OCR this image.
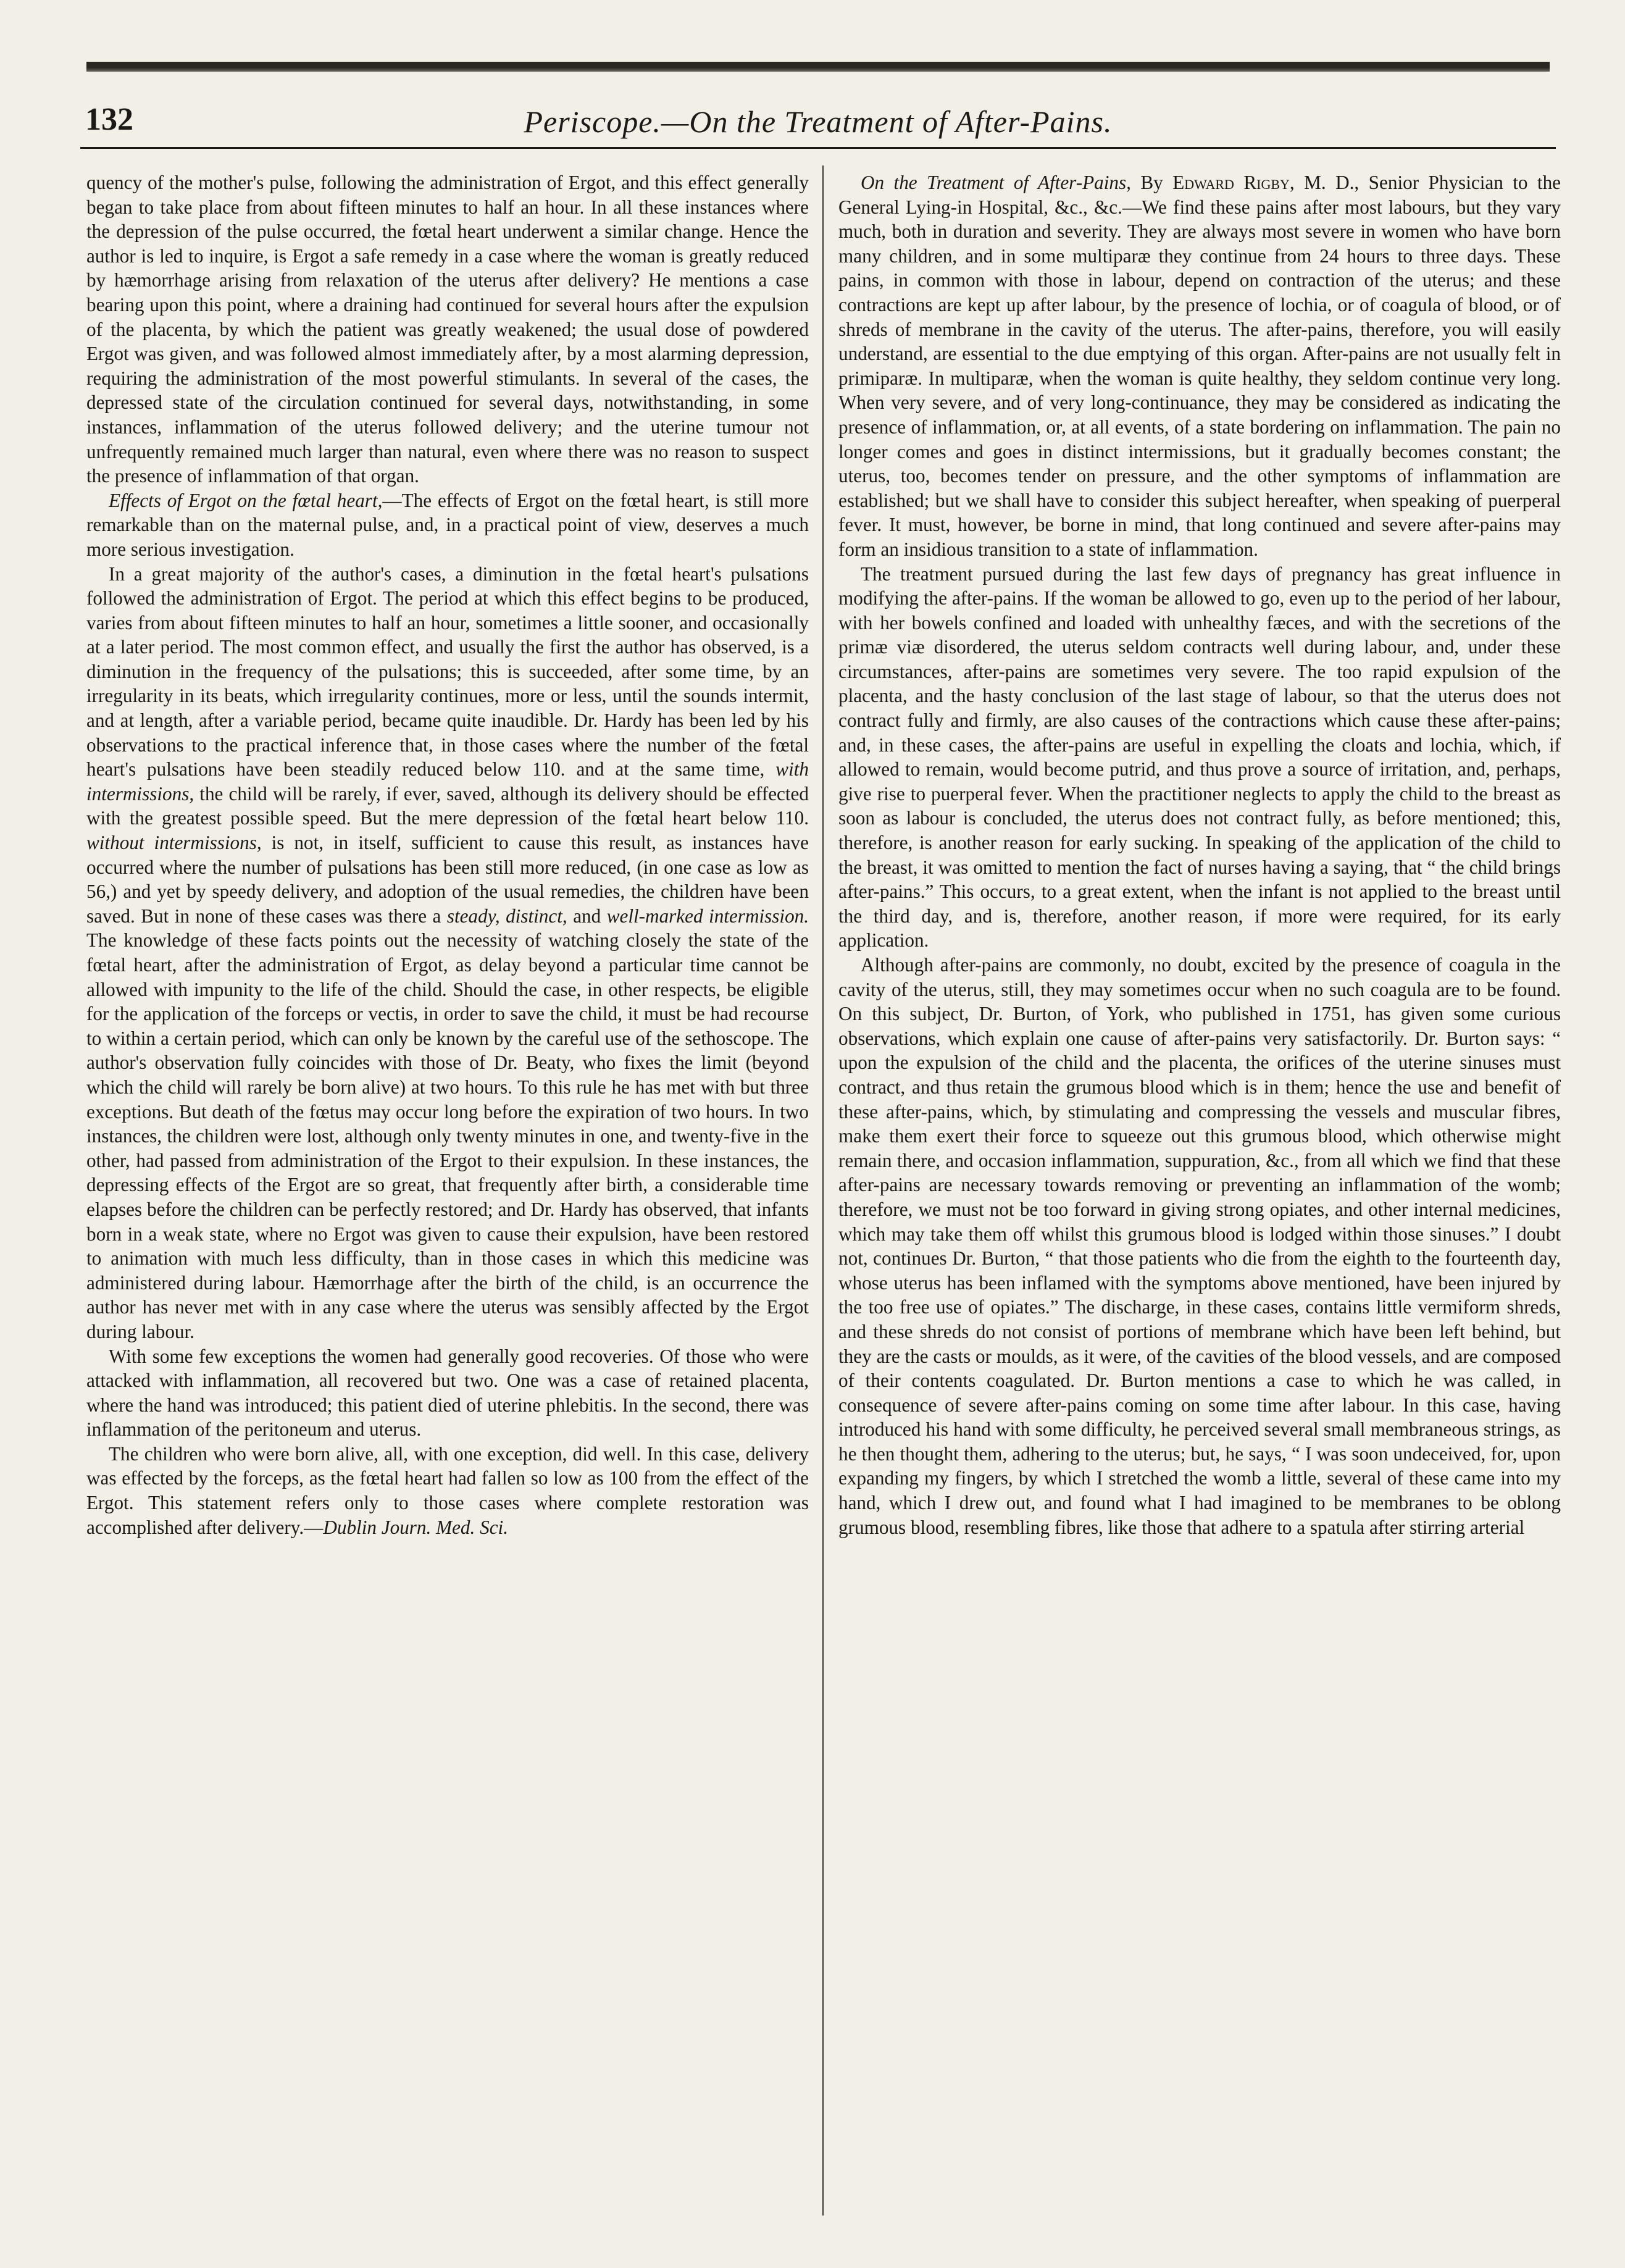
132	Periscope.—On the Treatment of After-Pains.

quency of the mother's pulse, following the administration of Ergot, and this effect generally began to take place from about fifteen minutes to half an hour. In all these instances where the depression of the pulse occurred, the fœtal heart underwent a similar change. Hence the author is led to inquire, is Ergot a safe remedy in a case where the woman is greatly reduced by hæmorrhage arising from relaxation of the uterus after delivery? He mentions a case bearing upon this point, where a draining had continued for several hours after the expulsion of the placenta, by which the patient was greatly weakened; the usual dose of powdered Ergot was given, and was followed almost immediately after, by a most alarming depression, requiring the administration of the most powerful stimulants. In several of the cases, the depressed state of the circulation continued for several days, notwithstanding, in some instances, inflammation of the uterus followed delivery; and the uterine tumour not unfrequently remained much larger than natural, even where there was no reason to suspect the presence of inflammation of that organ.

Effects of Ergot on the fœtal heart,—The effects of Ergot on the fœtal heart, is still more remarkable than on the maternal pulse, and, in a practical point of view, deserves a much more serious investigation.

In a great majority of the author's cases, a diminution in the fœtal heart's pulsations followed the administration of Ergot. The period at which this effect begins to be produced, varies from about fifteen minutes to half an hour, sometimes a little sooner, and occasionally at a later period. The most common effect, and usually the first the author has observed, is a diminution in the frequency of the pulsations; this is succeeded, after some time, by an irregularity in its beats, which irregularity continues, more or less, until the sounds intermit, and at length, after a variable period, became quite inaudible. Dr. Hardy has been led by his observations to the practical inference that, in those cases where the number of the fœtal heart's pulsations have been steadily reduced below 110. and at the same time, with intermissions, the child will be rarely, if ever, saved, although its delivery should be effected with the greatest possible speed. But the mere depression of the fœtal heart below 110. without intermissions, is not, in itself, sufficient to cause this result, as instances have occurred where the number of pulsations has been still more reduced, (in one case as low as 56,) and yet by speedy delivery, and adoption of the usual remedies, the children have been saved. But in none of these cases was there a steady, distinct, and well-marked intermission. The knowledge of these facts points out the necessity of watching closely the state of the fœtal heart, after the administration of Ergot, as delay beyond a particular time cannot be allowed with impunity to the life of the child. Should the case, in other respects, be eligible for the application of the forceps or vectis, in order to save the child, it must be had recourse to within a certain period, which can only be known by the careful use of the sethoscope. The author's observation fully coincides with those of Dr. Beaty, who fixes the limit (beyond which the child will rarely be born alive) at two hours. To this rule he has met with but three exceptions. But death of the fœtus may occur long before the expiration of two hours. In two instances, the children were lost, although only twenty minutes in one, and twenty-five in the other, had passed from administration of the Ergot to their expulsion. In these instances, the depressing effects of the Ergot are so great, that frequently after birth, a considerable time elapses before the children can be perfectly restored; and Dr. Hardy has observed, that infants born in a weak state, where no Ergot was given to cause their expulsion, have been restored to animation with much less difficulty, than in those cases in which this medicine was administered during labour. Hæmorrhage after the birth of the child, is an occurrence the author has never met with in any case where the uterus was sensibly affected by the Ergot during labour.

With some few exceptions the women had generally good recoveries. Of those who were attacked with inflammation, all recovered but two. One was a case of retained placenta, where the hand was introduced; this patient died of uterine phlebitis. In the second, there was inflammation of the peritoneum and uterus.

The children who were born alive, all, with one exception, did well. In this case, delivery was effected by the forceps, as the fœtal heart had fallen so low as 100 from the effect of the Ergot. This statement refers only to those cases where complete restoration was accomplished after delivery.—Dublin Journ. Med. Sci.

On the Treatment of After-Pains, By Edward Rigby, M. D., Senior Physician to the General Lying-in Hospital, &c., &c.—We find these pains after most labours, but they vary much, both in duration and severity. They are always most severe in women who have born many children, and in some multiparæ they continue from 24 hours to three days. These pains, in common with those in labour, depend on contraction of the uterus; and these contractions are kept up after labour, by the presence of lochia, or of coagula of blood, or of shreds of membrane in the cavity of the uterus. The after-pains, therefore, you will easily understand, are essential to the due emptying of this organ. After-pains are not usually felt in primiparæ. In multiparæ, when the woman is quite healthy, they seldom continue very long. When very severe, and of very long-continuance, they may be considered as indicating the presence of inflammation, or, at all events, of a state bordering on inflammation. The pain no longer comes and goes in distinct intermissions, but it gradually becomes constant; the uterus, too, becomes tender on pressure, and the other symptoms of inflammation are established; but we shall have to consider this subject hereafter, when speaking of puerperal fever. It must, however, be borne in mind, that long continued and severe after-pains may form an insidious transition to a state of inflammation.

The treatment pursued during the last few days of pregnancy has great influence in modifying the after-pains. If the woman be allowed to go, even up to the period of her labour, with her bowels confined and loaded with unhealthy fæces, and with the secretions of the primæ viæ disordered, the uterus seldom contracts well during labour, and, under these circumstances, after-pains are sometimes very severe. The too rapid expulsion of the placenta, and the hasty conclusion of the last stage of labour, so that the uterus does not contract fully and firmly, are also causes of the contractions which cause these after-pains; and, in these cases, the after-pains are useful in expelling the cloats and lochia, which, if allowed to remain, would become putrid, and thus prove a source of irritation, and, perhaps, give rise to puerperal fever. When the practitioner neglects to apply the child to the breast as soon as labour is concluded, the uterus does not contract fully, as before mentioned; this, therefore, is another reason for early sucking. In speaking of the application of the child to the breast, it was omitted to mention the fact of nurses having a saying, that “ the child brings after-pains.” This occurs, to a great extent, when the infant is not applied to the breast until the third day, and is, therefore, another reason, if more were required, for its early application.

Although after-pains are commonly, no doubt, excited by the presence of coagula in the cavity of the uterus, still, they may sometimes occur when no such coagula are to be found. On this subject, Dr. Burton, of York, who published in 1751, has given some curious observations, which explain one cause of after-pains very satisfactorily. Dr. Burton says: “ upon the expulsion of the child and the placenta, the orifices of the uterine sinuses must contract, and thus retain the grumous blood which is in them; hence the use and benefit of these after-pains, which, by stimulating and compressing the vessels and muscular fibres, make them exert their force to squeeze out this grumous blood, which otherwise might remain there, and occasion inflammation, suppuration, &c., from all which we find that these after-pains are necessary towards removing or preventing an inflammation of the womb; therefore, we must not be too forward in giving strong opiates, and other internal medicines, which may take them off whilst this grumous blood is lodged within those sinuses.” I doubt not, continues Dr. Burton, “ that those patients who die from the eighth to the fourteenth day, whose uterus has been inflamed with the symptoms above mentioned, have been injured by the too free use of opiates.” The discharge, in these cases, contains little vermiform shreds, and these shreds do not consist of portions of membrane which have been left behind, but they are the casts or moulds, as it were, of the cavities of the blood vessels, and are composed of their contents coagulated. Dr. Burton mentions a case to which he was called, in consequence of severe after-pains coming on some time after labour. In this case, having introduced his hand with some difficulty, he perceived several small membraneous strings, as he then thought them, adhering to the uterus; but, he says, “ I was soon undeceived, for, upon expanding my fingers, by which I stretched the womb a little, several of these came into my hand, which I drew out, and found what I had imagined to be membranes to be oblong grumous blood, resembling fibres, like those that adhere to a spatula after stirring arterial
